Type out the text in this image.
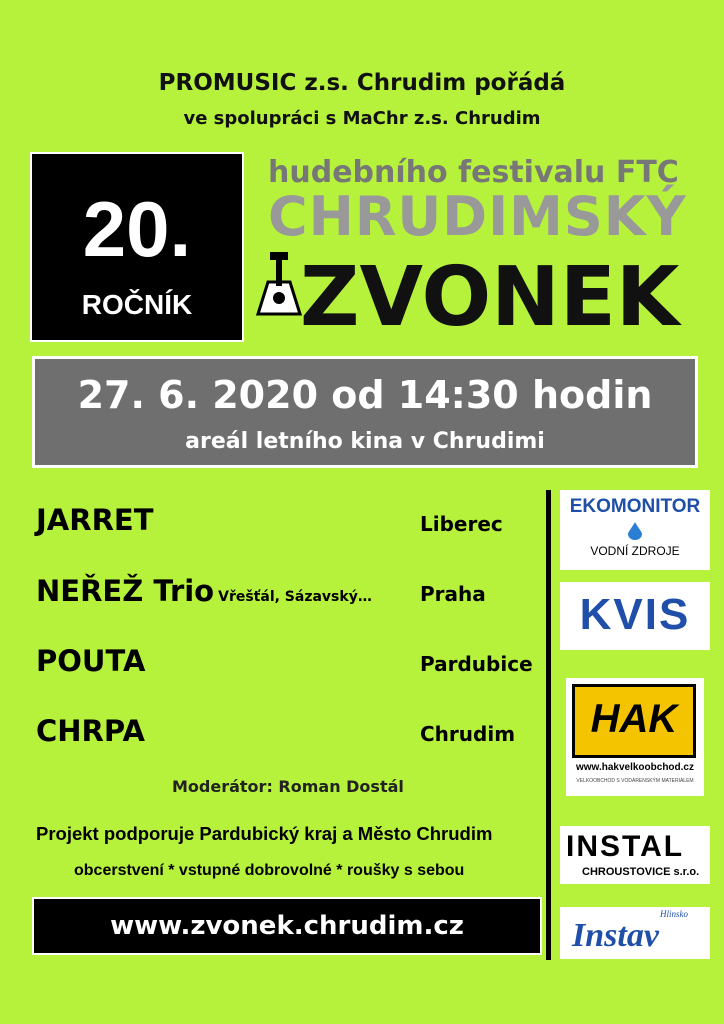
PROMUSIC z.s. Chrudim pořádá
ve spolupráci s MaChr z.s. Chrudim
20.
ROČNÍK
hudebního festivalu FTC
CHRUDIMSKÝ
ZVONEK
27. 6. 2020 od 14:30 hodin
areál letního kina v Chrudimi
JARRET	Liberec
NEŘEŽ Trio Vřešťál, Sázavský… Praha
POUTA	Pardubice
CHRPA	Chrudim
Moderátor: Roman Dostál
Projekt podporuje Pardubický kraj a Město Chrudim
obcerstvení * vstupné dobrovolné * roušky s sebou
www.zvonek.chrudim.cz
EKOMONITOR
VODNÍ ZDROJE
KVIS
HAK
www.hakvelkoobchod.cz
VELKOOBCHOD S VODÁRENSKÝM MATERIÁLEM
INSTAL
CHROUSTOVICE s.r.o.
Hlinsko
Instav
